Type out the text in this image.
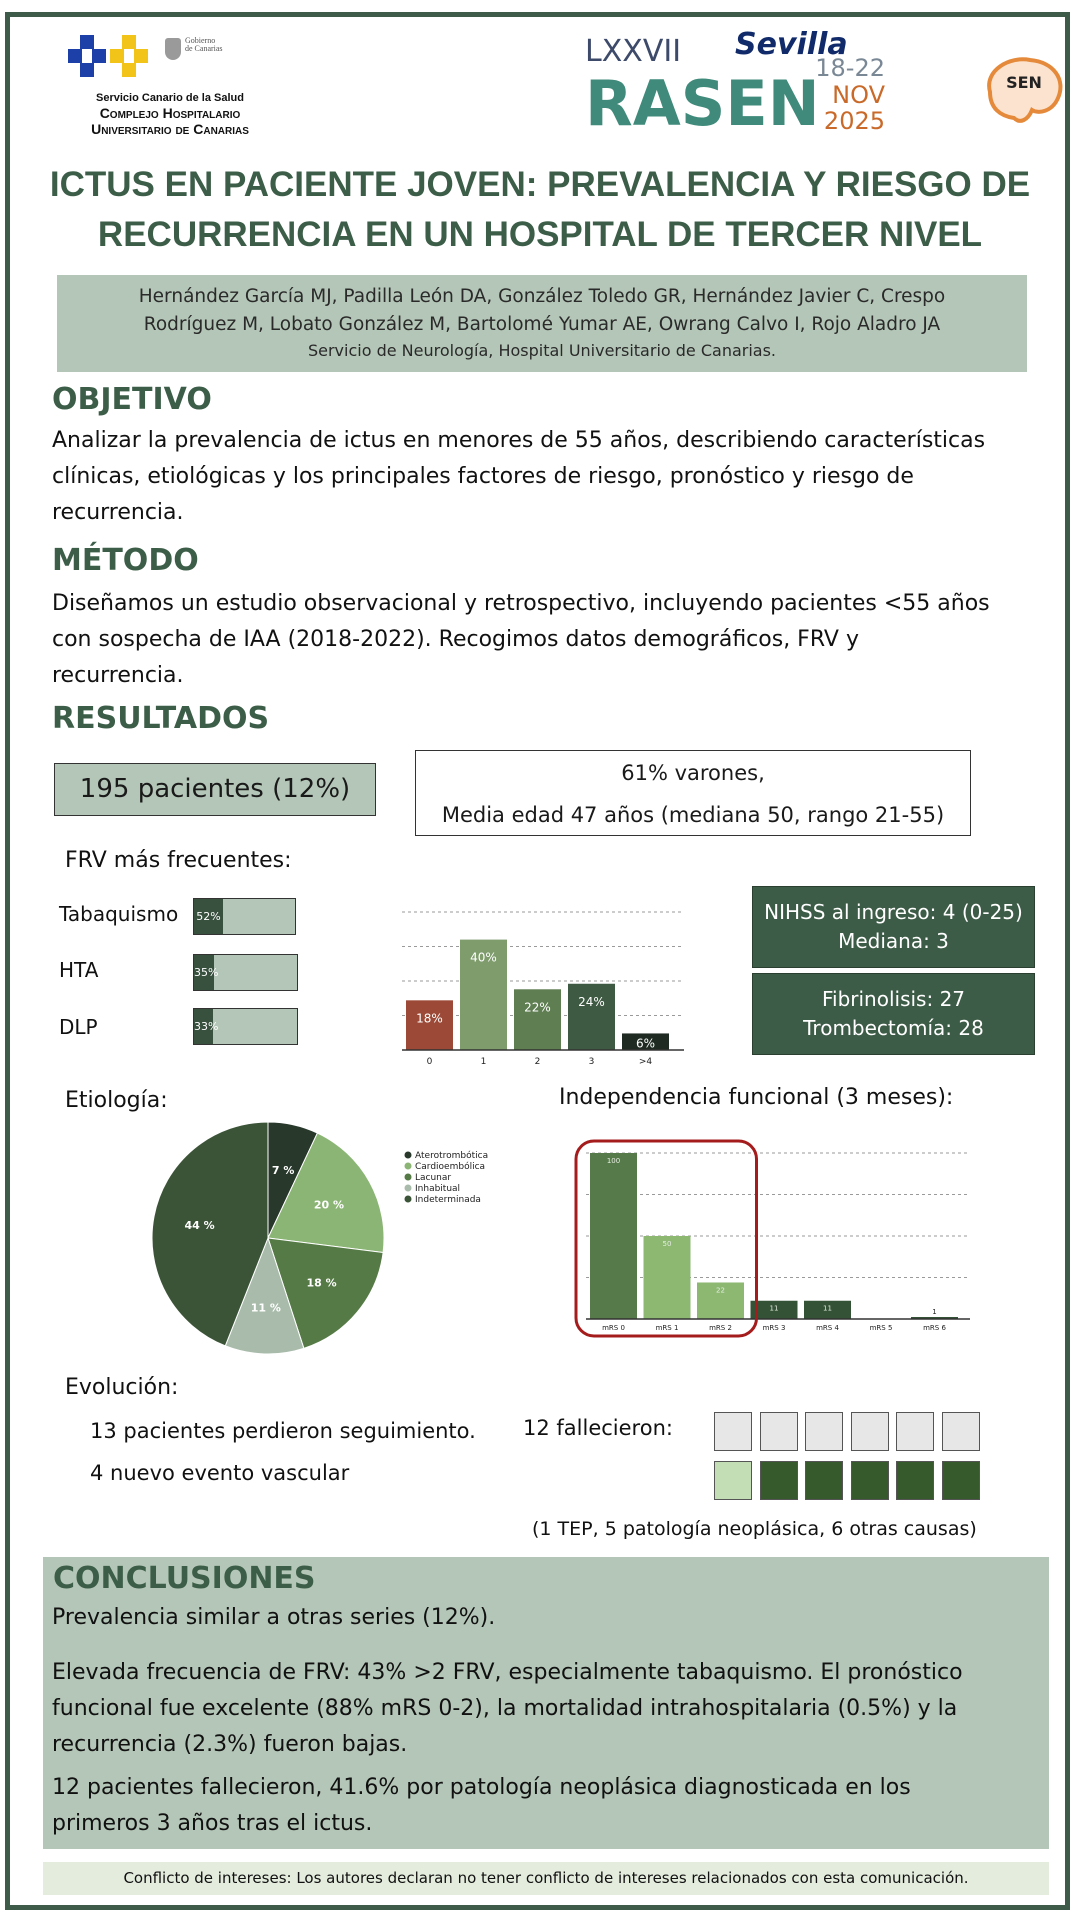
Gobierno
de Canarias
Servicio Canario de la Salud
Complejo Hospitalario
Universitario de Canarias
LXXVII Sevilla
RASEN
18-22
NOV
2025
SEN
ICTUS EN PACIENTE JOVEN: PREVALENCIA Y RIESGO DE
RECURRENCIA EN UN HOSPITAL DE TERCER NIVEL
Hernández García MJ, Padilla León DA, González Toledo GR, Hernández Javier C, Crespo
Rodríguez M, Lobato González M, Bartolomé Yumar AE, Owrang Calvo I, Rojo Aladro JA
Servicio de Neurología, Hospital Universitario de Canarias.
OBJETIVO
Analizar la prevalencia de ictus en menores de 55 años, describiendo características
clínicas, etiológicas y los principales factores de riesgo, pronóstico y riesgo de
recurrencia.
MÉTODO
Diseñamos un estudio observacional y retrospectivo, incluyendo pacientes <55 años
con sospecha de IAA (2018-2022). Recogimos datos demográficos, FRV y
recurrencia.
RESULTADOS
195 pacientes (12%)
61% varones,
Media edad 47 años (mediana 50, rango 21-55)
FRV más frecuentes:
Tabaquismo 52%
HTA	35%
DLP	33%
18%
0
40%
1
22%
2
24%
3
6%
>4
NIHSS al ingreso: 4 (0-25)
Mediana: 3
Fibrinolisis: 27
Trombectomía: 28
Etiología:	Independencia funcional (3 meses):
7 %
20 %
18 %
11 %
44 %
Aterotrombótica
Cardioembólica
Lacunar
Inhabitual
Indeterminada
100
mRS 0
50
mRS 1
22
mRS 2
11
mRS 3
11
mRS 4	mRS 5
1
mRS 6
Evolución:
13 pacientes perdieron seguimiento.
4 nuevo evento vascular
12 fallecieron:
(1 TEP, 5 patología neoplásica, 6 otras causas)
CONCLUSIONES
Prevalencia similar a otras series (12%).
Elevada frecuencia de FRV: 43% >2 FRV, especialmente tabaquismo. El pronóstico
funcional fue excelente (88% mRS 0-2), la mortalidad intrahospitalaria (0.5%) y la
recurrencia (2.3%) fueron bajas.
12 pacientes fallecieron, 41.6% por patología neoplásica diagnosticada en los
primeros 3 años tras el ictus.
Conflicto de intereses: Los autores declaran no tener conflicto de intereses relacionados con esta comunicación.
